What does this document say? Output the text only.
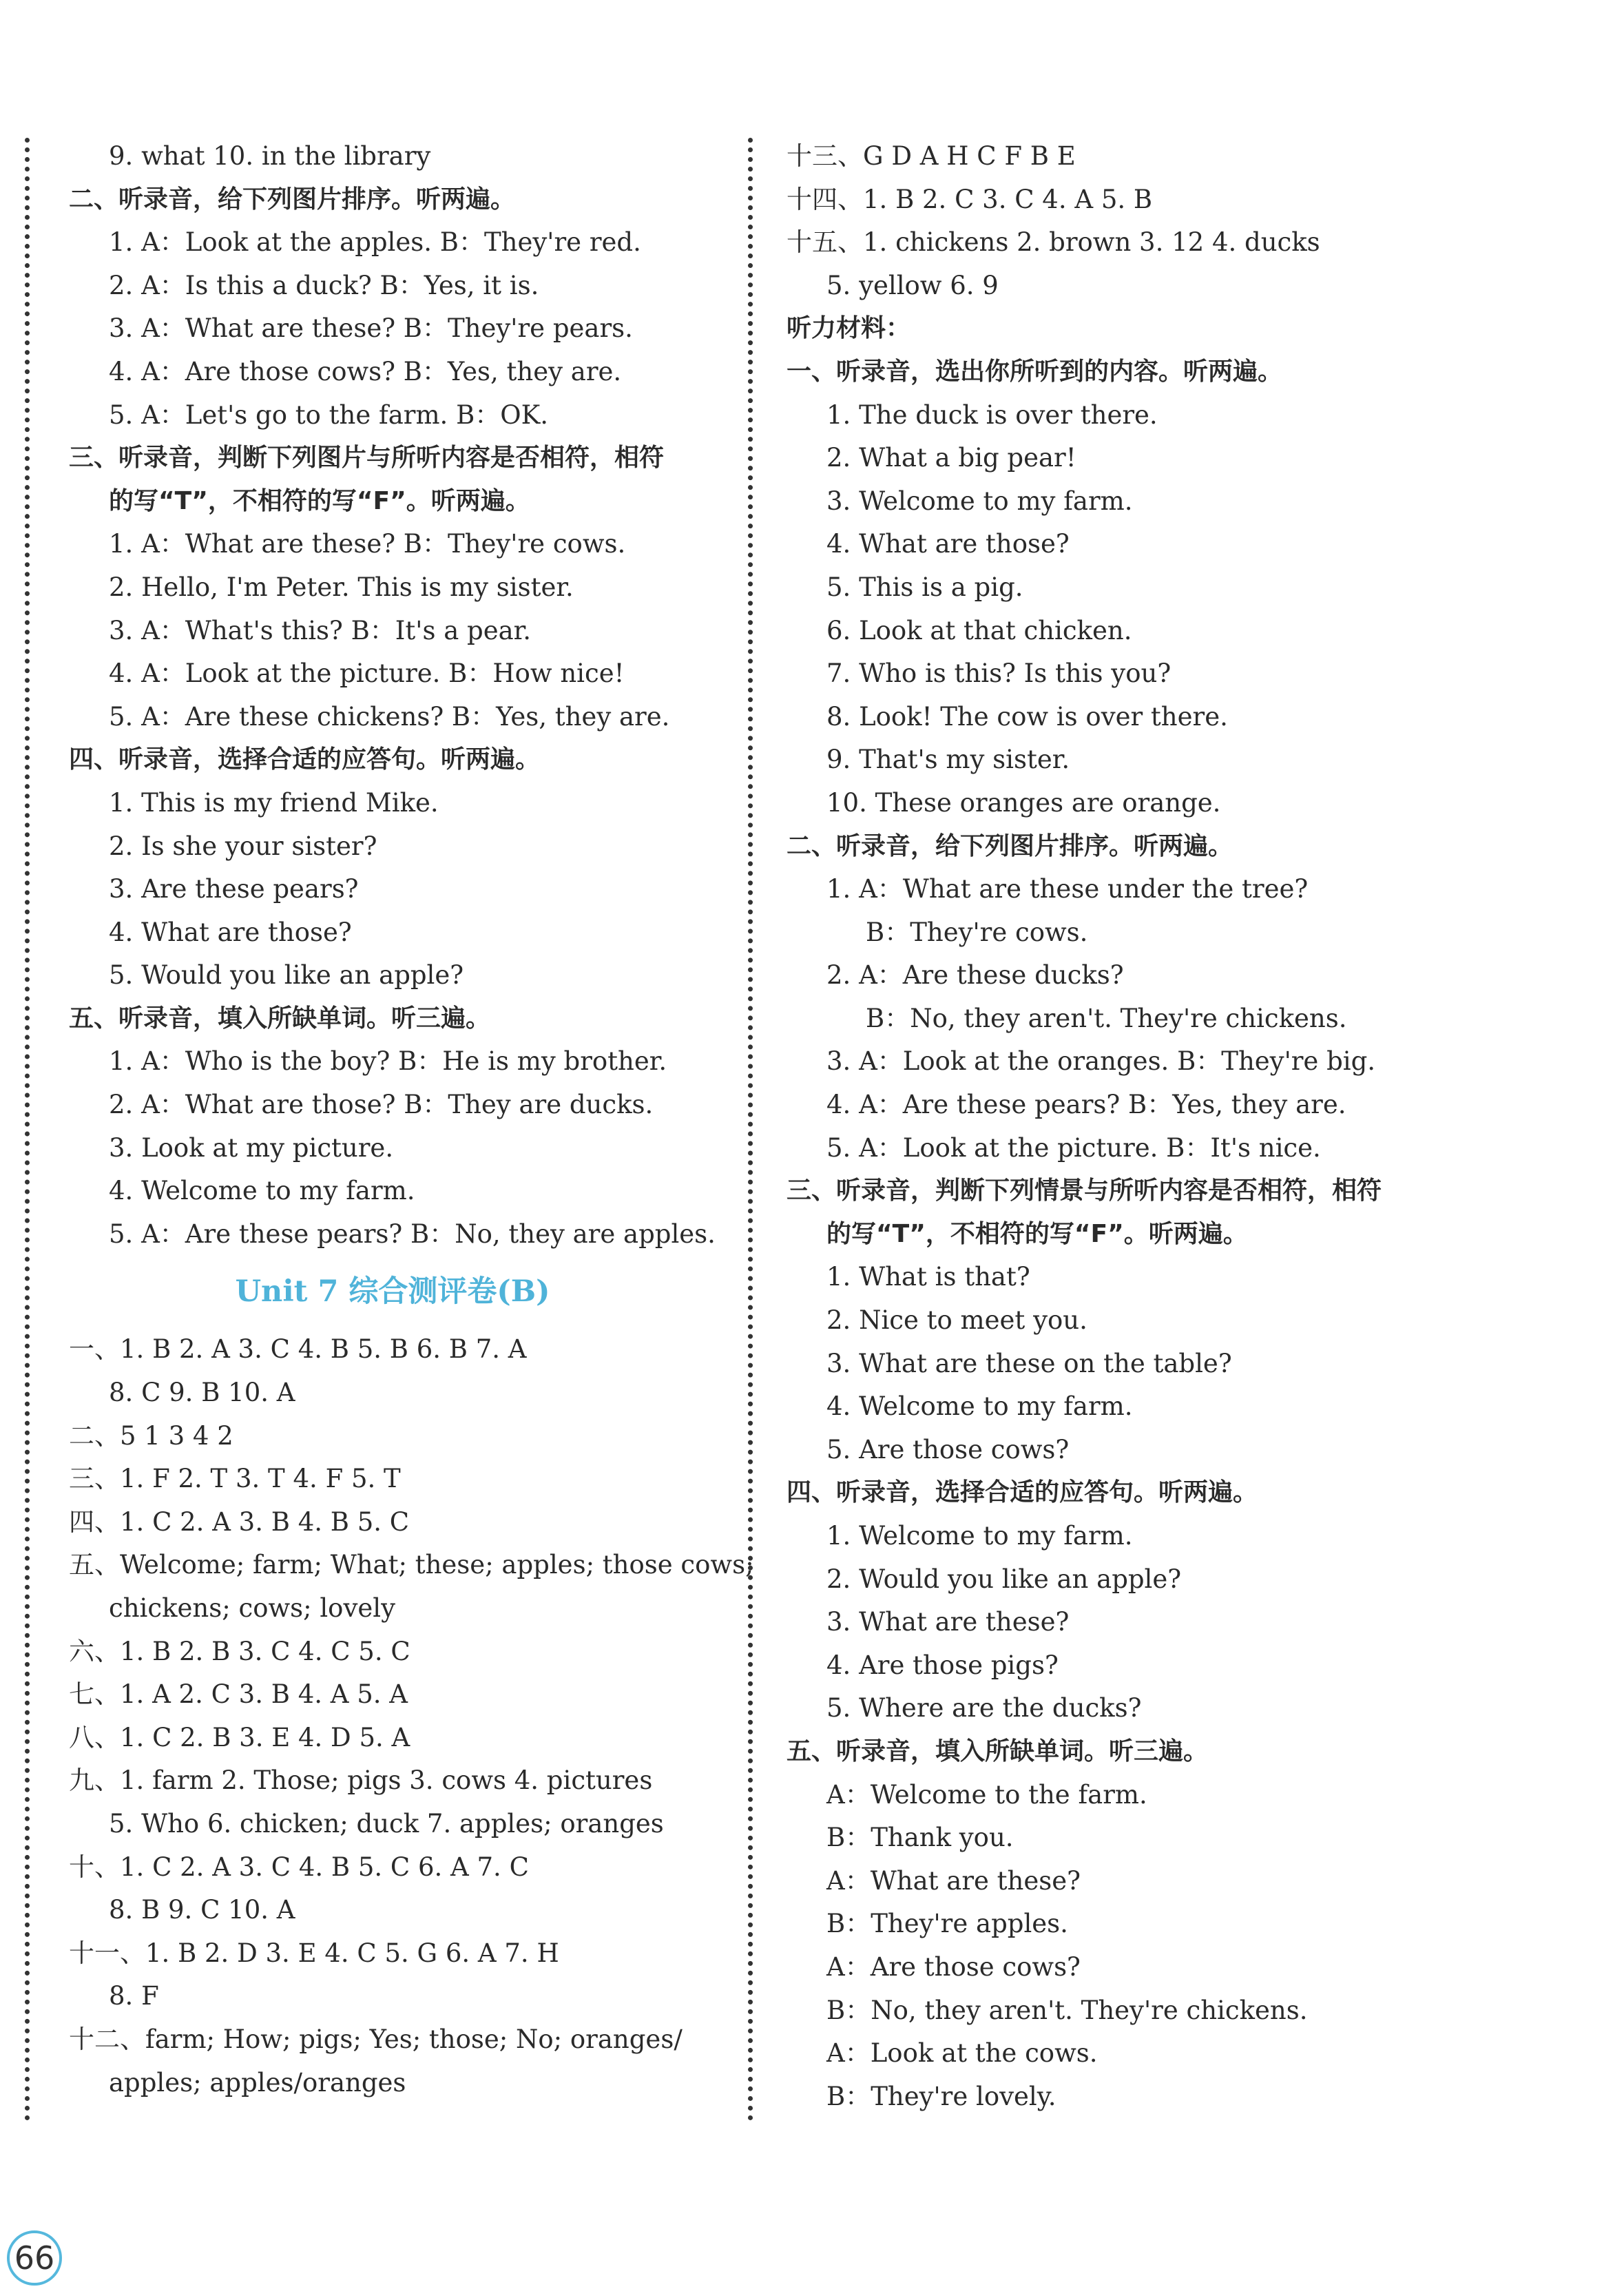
9. what 10. in the library
二、听录音，给下列图片排序。听两遍。
1. A：Look at the apples. B：They're red.
2. A：Is this a duck? B：Yes, it is.
3. A：What are these? B：They're pears.
4. A：Are those cows? B：Yes, they are.
5. A：Let's go to the farm. B：OK.
三、听录音，判断下列图片与所听内容是否相符，相符
的写“T”，不相符的写“F”。听两遍。
1. A：What are these? B：They're cows.
2. Hello, I'm Peter. This is my sister.
3. A：What's this? B：It's a pear.
4. A：Look at the picture. B：How nice!
5. A：Are these chickens? B：Yes, they are.
四、听录音，选择合适的应答句。听两遍。
1. This is my friend Mike.
2. Is she your sister?
3. Are these pears?
4. What are those?
5. Would you like an apple?
五、听录音，填入所缺单词。听三遍。
1. A：Who is the boy? B：He is my brother.
2. A：What are those? B：They are ducks.
3. Look at my picture.
4. Welcome to my farm.
5. A：Are these pears? B：No, they are apples.
Unit 7 综合测评卷(B)
一、1. B 2. A 3. C 4. B 5. B 6. B 7. A
8. C 9. B 10. A
二、5 1 3 4 2
三、1. F 2. T 3. T 4. F 5. T
四、1. C 2. A 3. B 4. B 5. C
五、Welcome; farm; What; these; apples; those cows;
chickens; cows; lovely
六、1. B 2. B 3. C 4. C 5. C
七、1. A 2. C 3. B 4. A 5. A
八、1. C 2. B 3. E 4. D 5. A
九、1. farm 2. Those; pigs 3. cows 4. pictures
5. Who 6. chicken; duck 7. apples; oranges
十、1. C 2. A 3. C 4. B 5. C 6. A 7. C
8. B 9. C 10. A
十一、1. B 2. D 3. E 4. C 5. G 6. A 7. H
8. F
十二、farm; How; pigs; Yes; those; No; oranges/
apples; apples/oranges
十三、G D A H C F B E
十四、1. B 2. C 3. C 4. A 5. B
十五、1. chickens 2. brown 3. 12 4. ducks
5. yellow 6. 9
听力材料：
一、听录音，选出你所听到的内容。听两遍。
1. The duck is over there.
2. What a big pear!
3. Welcome to my farm.
4. What are those?
5. This is a pig.
6. Look at that chicken.
7. Who is this? Is this you?
8. Look! The cow is over there.
9. That's my sister.
10. These oranges are orange.
二、听录音，给下列图片排序。听两遍。
1. A：What are these under the tree?
B：They're cows.
2. A：Are these ducks?
B：No, they aren't. They're chickens.
3. A：Look at the oranges. B：They're big.
4. A：Are these pears? B：Yes, they are.
5. A：Look at the picture. B：It's nice.
三、听录音，判断下列情景与所听内容是否相符，相符
的写“T”，不相符的写“F”。听两遍。
1. What is that?
2. Nice to meet you.
3. What are these on the table?
4. Welcome to my farm.
5. Are those cows?
四、听录音，选择合适的应答句。听两遍。
1. Welcome to my farm.
2. Would you like an apple?
3. What are these?
4. Are those pigs?
5. Where are the ducks?
五、听录音，填入所缺单词。听三遍。
A：Welcome to the farm.
B：Thank you.
A：What are these?
B：They're apples.
A：Are those cows?
B：No, they aren't. They're chickens.
A：Look at the cows.
B：They're lovely.
66
